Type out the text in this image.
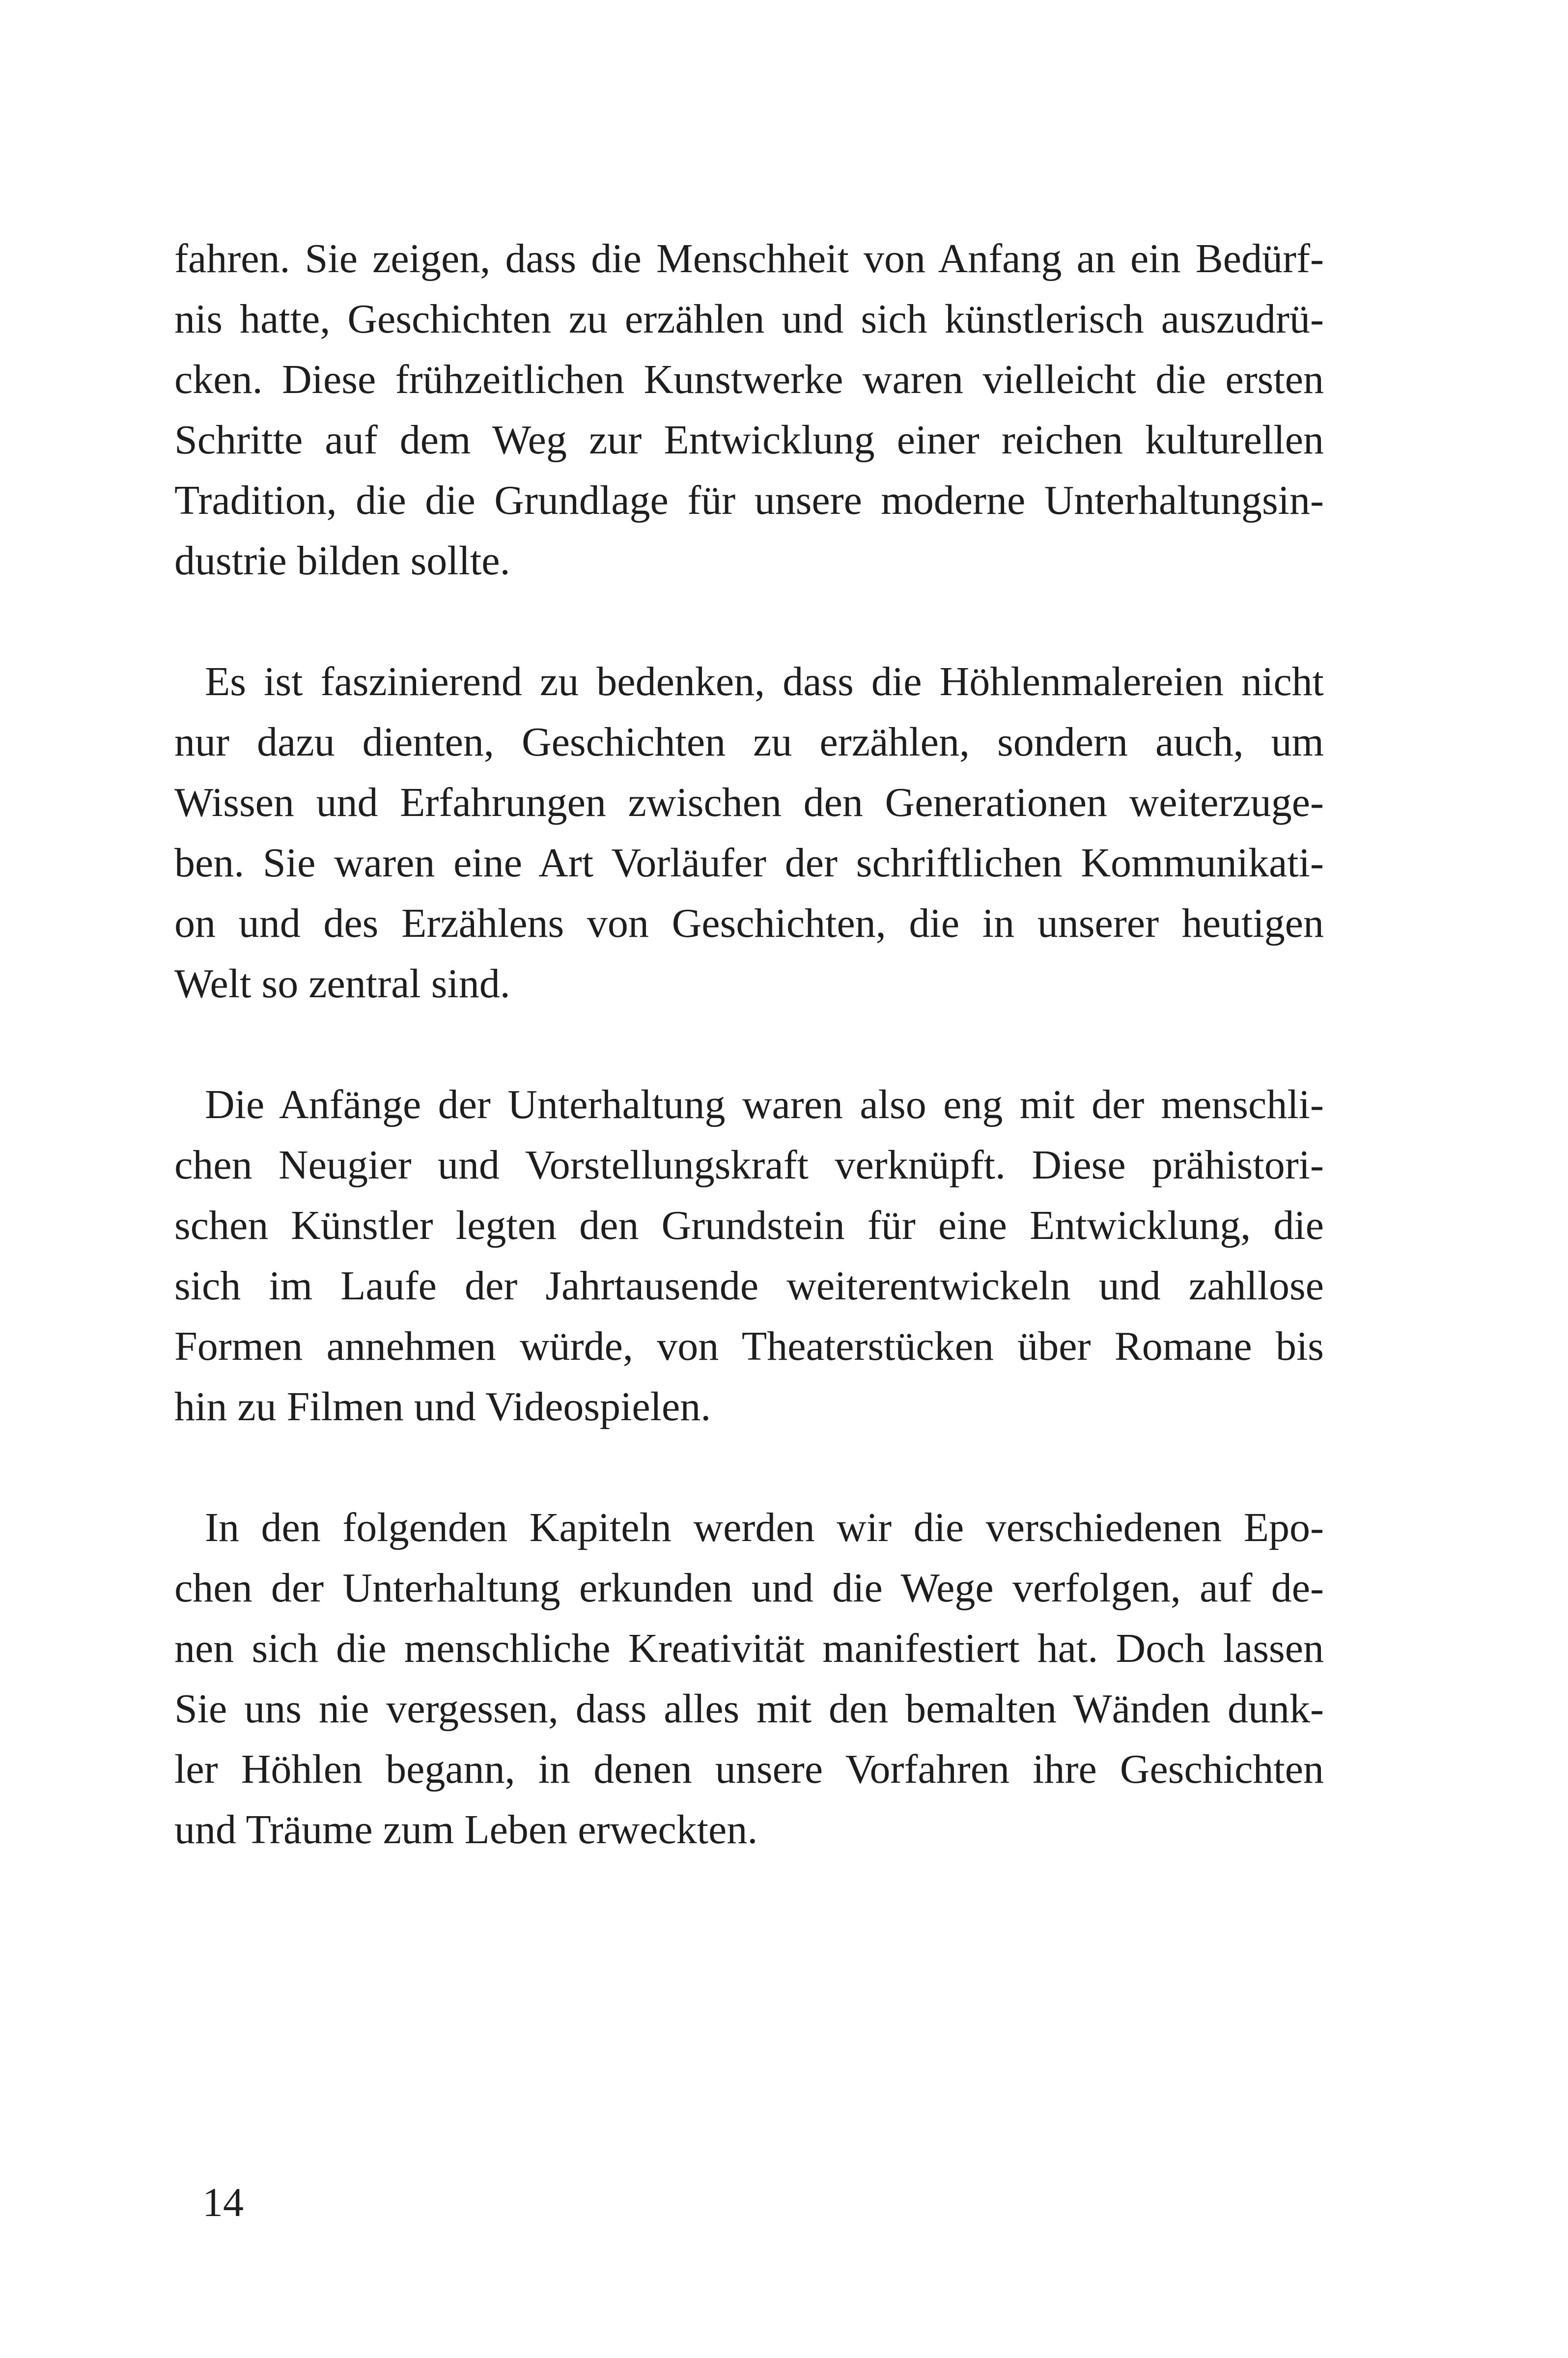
fahren. Sie zeigen, dass die Menschheit von Anfang an ein Bedürf-
nis hatte, Geschichten zu erzählen und sich künstlerisch auszudrü-
cken. Diese frühzeitlichen Kunstwerke waren vielleicht die ersten
Schritte auf dem Weg zur Entwicklung einer reichen kulturellen
Tradition, die die Grundlage für unsere moderne Unterhaltungsin-
dustrie bilden sollte.
Es ist faszinierend zu bedenken, dass die Höhlenmalereien nicht
nur dazu dienten, Geschichten zu erzählen, sondern auch, um
Wissen und Erfahrungen zwischen den Generationen weiterzuge-
ben. Sie waren eine Art Vorläufer der schriftlichen Kommunikati-
on und des Erzählens von Geschichten, die in unserer heutigen
Welt so zentral sind.
Die Anfänge der Unterhaltung waren also eng mit der menschli-
chen Neugier und Vorstellungskraft verknüpft. Diese prähistori-
schen Künstler legten den Grundstein für eine Entwicklung, die
sich im Laufe der Jahrtausende weiterentwickeln und zahllose
Formen annehmen würde, von Theaterstücken über Romane bis
hin zu Filmen und Videospielen.
In den folgenden Kapiteln werden wir die verschiedenen Epo-
chen der Unterhaltung erkunden und die Wege verfolgen, auf de-
nen sich die menschliche Kreativität manifestiert hat. Doch lassen
Sie uns nie vergessen, dass alles mit den bemalten Wänden dunk-
ler Höhlen begann, in denen unsere Vorfahren ihre Geschichten
und Träume zum Leben erweckten.
14
